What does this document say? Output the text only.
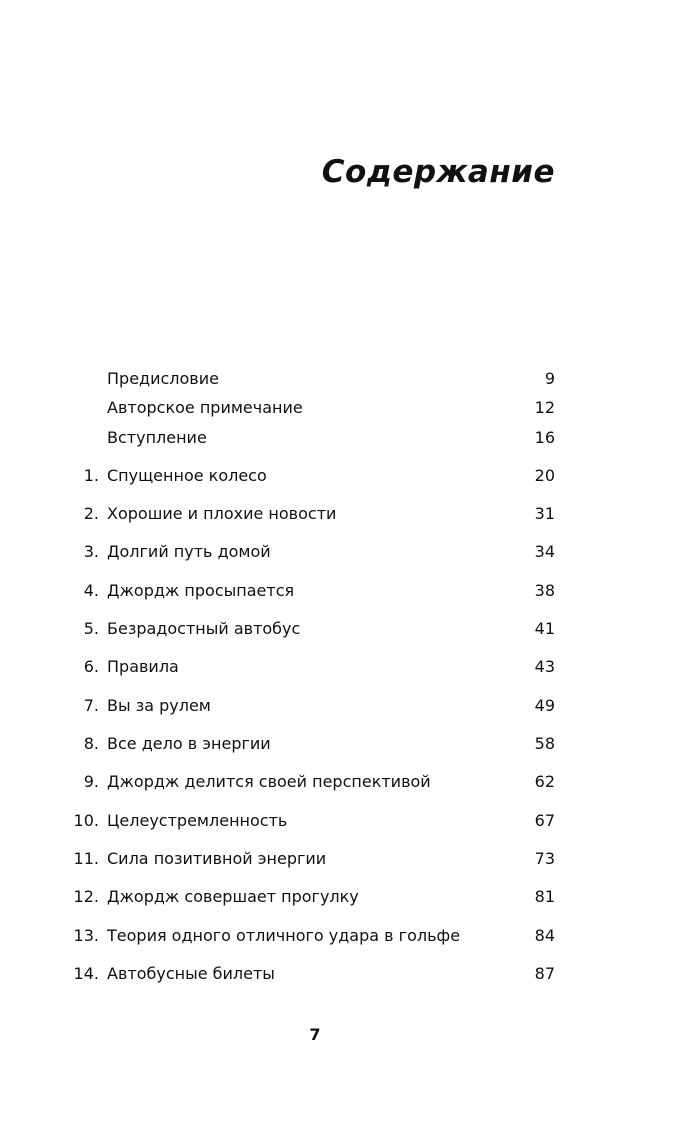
Содержание
Предисловие	9
Авторское примечание	12
Вступление	16
1. Спущенное колесо	20
2. Хорошие и плохие новости	31
3. Долгий путь домой	34
4. Джордж просыпается	38
5. Безрадостный автобус	41
6. Правила	43
7. Вы за рулем	49
8. Все дело в энергии	58
9. Джордж делится своей перспективой	62
10. Целеустремленность	67
11. Сила позитивной энергии	73
12. Джордж совершает прогулку	81
13. Теория одного отличного удара в гольфе	84
14. Автобусные билеты	87
7
